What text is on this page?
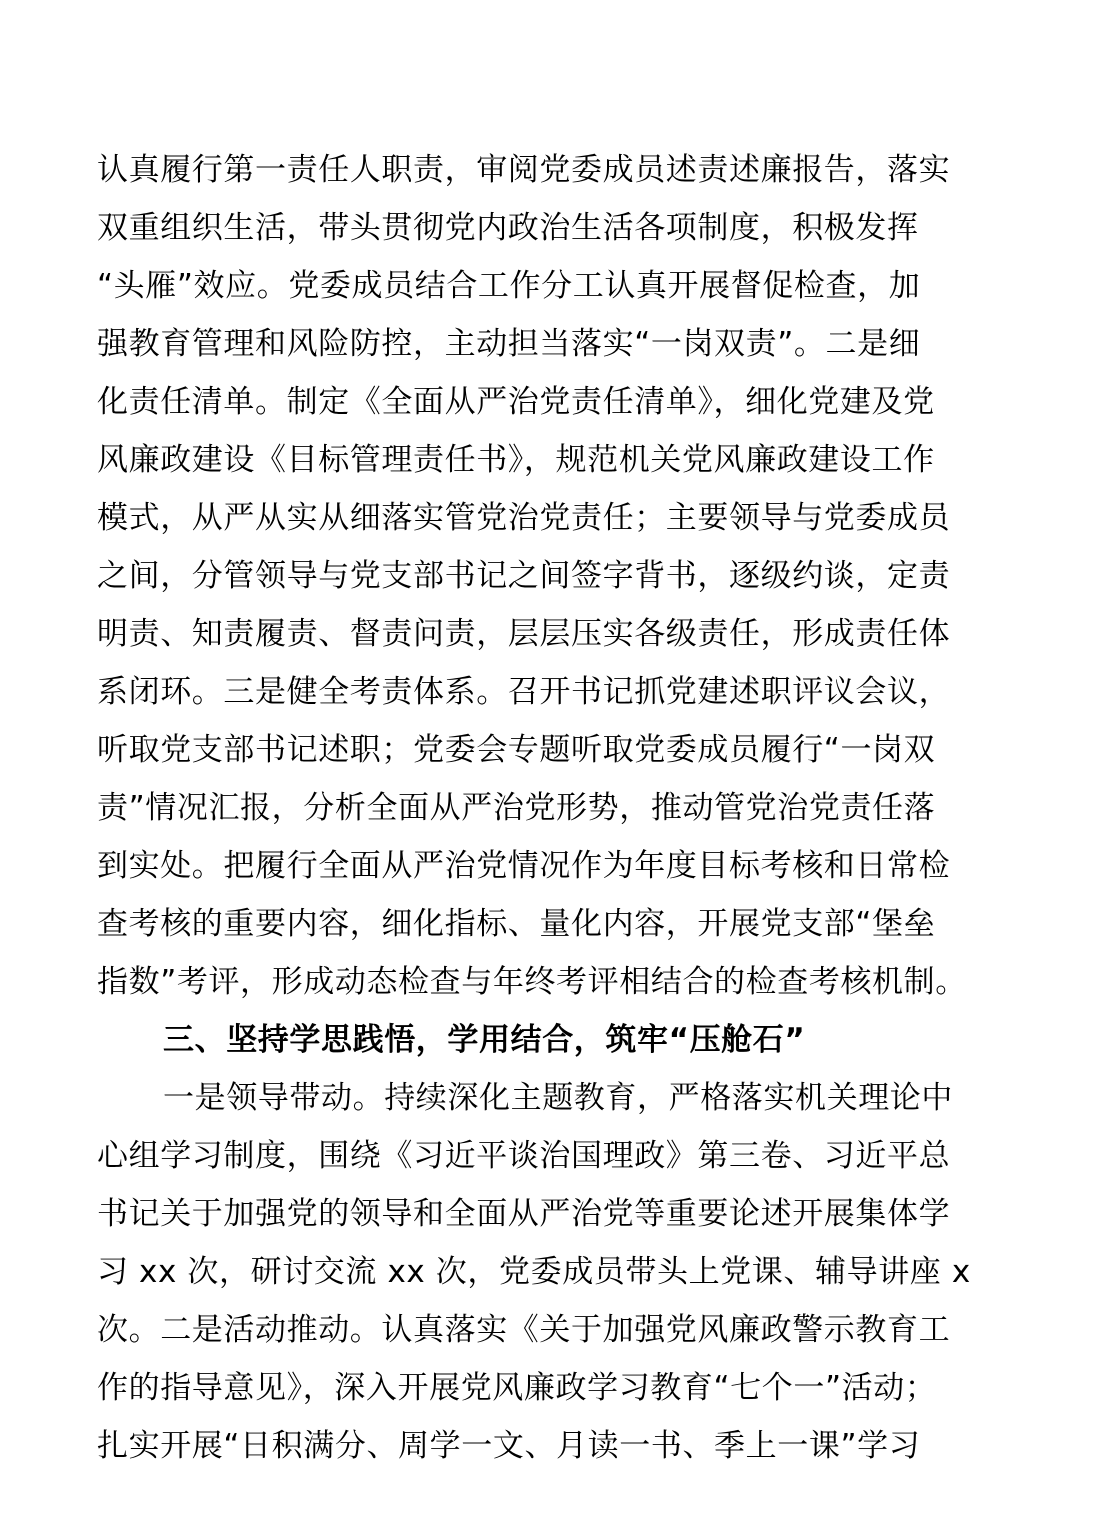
认真履行第一责任人职责，审阅党委成员述责述廉报告，落实
双重组织生活，带头贯彻党内政治生活各项制度，积极发挥
“头雁”效应。党委成员结合工作分工认真开展督促检查，加
强教育管理和风险防控，主动担当落实“一岗双责”。二是细
化责任清单。制定《全面从严治党责任清单》，细化党建及党
风廉政建设《目标管理责任书》，规范机关党风廉政建设工作
模式，从严从实从细落实管党治党责任；主要领导与党委成员
之间，分管领导与党支部书记之间签字背书，逐级约谈，定责
明责、知责履责、督责问责，层层压实各级责任，形成责任体
系闭环。三是健全考责体系。召开书记抓党建述职评议会议，
听取党支部书记述职；党委会专题听取党委成员履行“一岗双
责”情况汇报，分析全面从严治党形势，推动管党治党责任落
到实处。把履行全面从严治党情况作为年度目标考核和日常检
查考核的重要内容，细化指标、量化内容，开展党支部“堡垒
指数”考评，形成动态检查与年终考评相结合的检查考核机制。
三、坚持学思践悟，学用结合，筑牢“压舱石”
一是领导带动。持续深化主题教育，严格落实机关理论中
心组学习制度，围绕《习近平谈治国理政》第三卷、习近平总
书记关于加强党的领导和全面从严治党等重要论述开展集体学
习 xx 次，研讨交流 xx 次，党委成员带头上党课、辅导讲座 x
次。二是活动推动。认真落实《关于加强党风廉政警示教育工
作的指导意见》，深入开展党风廉政学习教育“七个一”活动；
扎实开展“日积满分、周学一文、月读一书、季上一课”学习
